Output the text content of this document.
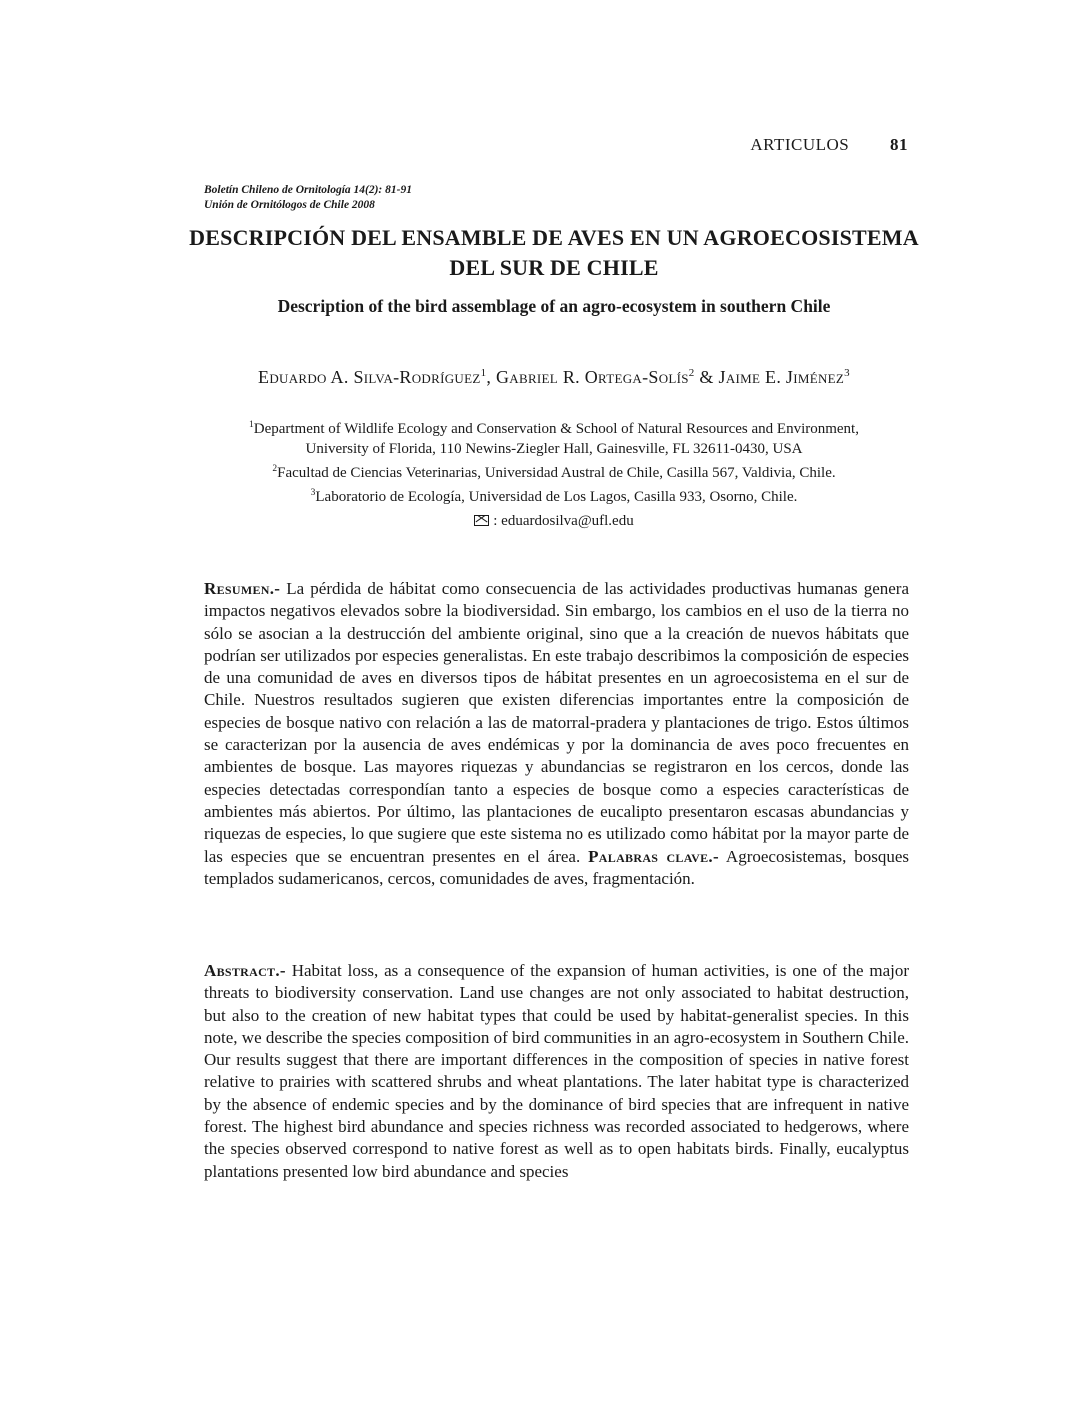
ARTICULOS 81
Boletín Chileno de Ornitología 14(2): 81-91
Unión de Ornitólogos de Chile 2008
DESCRIPCIÓN DEL ENSAMBLE DE AVES EN UN AGROECOSISTEMA
DEL SUR DE CHILE
Description of the bird assemblage of an agro-ecosystem in southern Chile
Eduardo A. Silva-Rodríguez$^1$, Gabriel R. Ortega-Solís$^2$ & Jaime E. Jiménez$^3$
$^1$Department of Wildlife Ecology and Conservation & School of Natural Resources and Environment,
University of Florida, 110 Newins-Ziegler Hall, Gainesville, FL 32611-0430, USA
$^2$Facultad de Ciencias Veterinarias, Universidad Austral de Chile, Casilla 567, Valdivia, Chile.
$^3$Laboratorio de Ecología, Universidad de Los Lagos, Casilla 933, Osorno, Chile.
: eduardosilva@ufl.edu
Resumen.- La pérdida de hábitat como consecuencia de las actividades productivas humanas genera impactos negativos elevados sobre la biodiversidad. Sin embargo, los cambios en el uso de la tierra no sólo se asocian a la destrucción del ambiente original, sino que a la creación de nuevos hábitats que podrían ser utilizados por especies generalistas. En este trabajo describimos la composición de especies de una comunidad de aves en diversos tipos de hábitat presentes en un agroecosistema en el sur de Chile. Nuestros resultados sugieren que existen diferencias importantes entre la composición de especies de bosque nativo con relación a las de matorral-pradera y plantaciones de trigo. Estos últimos se caracterizan por la ausencia de aves endémicas y por la dominancia de aves poco frecuentes en ambientes de bosque. Las mayores riquezas y abundancias se registraron en los cercos, donde las especies detectadas correspondían tanto a especies de bosque como a especies características de ambientes más abiertos. Por último, las plantaciones de eucalipto presentaron escasas abundancias y riquezas de especies, lo que sugiere que este sistema no es utilizado como hábitat por la mayor parte de las especies que se encuentran presentes en el área. Palabras clave.- Agroecosistemas, bosques templados sudamericanos, cercos, comunidades de aves, fragmentación.
Abstract.- Habitat loss, as a consequence of the expansion of human activities, is one of the major threats to biodiversity conservation. Land use changes are not only associated to habitat destruction, but also to the creation of new habitat types that could be used by habitat-generalist species. In this note, we describe the species composition of bird communities in an agro-ecosystem in Southern Chile. Our results suggest that there are important differences in the composition of species in native forest relative to prairies with scattered shrubs and wheat plantations. The later habitat type is characterized by the absence of endemic species and by the dominance of bird species that are infrequent in native forest. The highest bird abundance and species richness was recorded associated to hedgerows, where the species observed correspond to native forest as well as to open habitats birds. Finally, eucalyptus plantations presented low bird abundance and species
